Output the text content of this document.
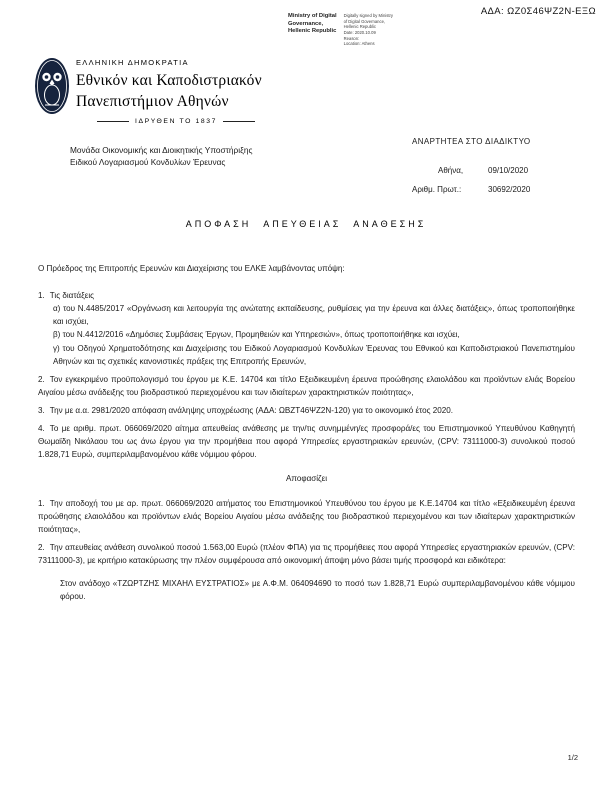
ΑΔΑ: ΩΖ0Σ46ΨΖ2Ν-ΕΞΩ
Ministry of Digital
Governance,
Hellenic Republic
Digitally signed by Ministry
of Digital Governance,
Hellenic Republic
Date: 2020.10.09
Reason:
Location: Athens
ΕΛΛΗΝΙΚΗ ΔΗΜΟΚΡΑΤΙΑ
Εθνικόν και Καποδιστριακόν
Πανεπιστήμιον Αθηνών
ΙΔΡΥΘΕΝ ΤΟ 1837
Μονάδα Οικονομικής και Διοικητικής Υποστήριξης
Ειδικού Λογαριασμού Κονδυλίων Έρευνας
ΑΝΑΡΤΗΤΕΑ ΣΤΟ ΔΙΑΔΙΚΤΥΟ
Αθήνα,	09/10/2020
Αριθμ. Πρωτ.:	30692/2020
ΑΠΟΦΑΣΗ ΑΠΕΥΘΕΙΑΣ ΑΝΑΘΕΣΗΣ

Ο Πρόεδρος της Επιτροπής Ερευνών και Διαχείρισης του ΕΛΚΕ λαμβάνοντας υπόψη:

1. Τις διατάξεις
α) του Ν.4485/2017 «Οργάνωση και λειτουργία της ανώτατης εκπαίδευσης, ρυθμίσεις για την έρευνα και άλλες διατάξεις», όπως τροποποιήθηκε και ισχύει,
β) του Ν.4412/2016 «Δημόσιες Συμβάσεις Έργων, Προμηθειών και Υπηρεσιών», όπως τροποποιήθηκε και ισχύει,
γ) του Οδηγού Χρηματοδότησης και Διαχείρισης του Ειδικού Λογαριασμού Κονδυλίων Έρευνας του Εθνικού και Καποδιστριακού Πανεπιστημίου Αθηνών και τις σχετικές κανονιστικές πράξεις της Επιτροπής Ερευνών,
2. Τον εγκεκριμένο προϋπολογισμό του έργου με Κ.Ε. 14704 και τίτλο Εξειδικευμένη έρευνα προώθησης ελαιολάδου και προϊόντων ελιάς Βορείου Αιγαίου μέσω ανάδειξης του βιοδραστικού περιεχομένου και των ιδιαίτερων χαρακτηριστικών ποιότητας»,
3. Την με α.α. 2981/2020 απόφαση ανάληψης υποχρέωσης (ΑΔΑ: ΩΒΖΤ46ΨΖ2Ν-120) για το οικονομικό έτος 2020.
4. Το με αριθμ. πρωτ. 066069/2020 αίτημα απευθείας ανάθεσης με την/τις συνημμένη/ες προσφορά/ες του Επιστημονικού Υπευθύνου Καθηγητή Θωμαϊδη Νικόλαου του ως άνω έργου για την προμήθεια που αφορά Υπηρεσίες εργαστηριακών ερευνών, (CPV: 73111000-3) συνολικού ποσού 1.828,71 Ευρώ, συμπεριλαμβανομένου κάθε νόμιμου φόρου.
Αποφασίζει
1. Την αποδοχή του με αρ. πρωτ. 066069/2020 αιτήματος του Επιστημονικού Υπευθύνου του έργου με Κ.Ε.14704 και τίτλο «Εξειδικευμένη έρευνα προώθησης ελαιολάδου και προϊόντων ελιάς Βορείου Αιγαίου μέσω ανάδειξης του βιοδραστικού περιεχομένου και των ιδιαίτερων χαρακτηριστικών ποιότητας»,
2. Την απευθείας ανάθεση συνολικού ποσού 1.563,00 Ευρώ (πλέον ΦΠΑ) για τις προμήθειες που αφορά Υπηρεσίες εργαστηριακών ερευνών, (CPV: 73111000-3), με κριτήριο κατακύρωσης την πλέον συμφέρουσα από οικονομική άποψη μόνο βάσει τιμής προσφορά και ειδικότερα:
Στον ανάδοχο «ΤΖΩΡΤΖΗΣ ΜΙΧΑΗΛ ΕΥΣΤΡΑΤΙΟΣ» με Α.Φ.Μ. 064094690 το ποσό των 1.828,71 Ευρώ συμπεριλαμβανομένου κάθε νόμιμου φόρου.
1/2
